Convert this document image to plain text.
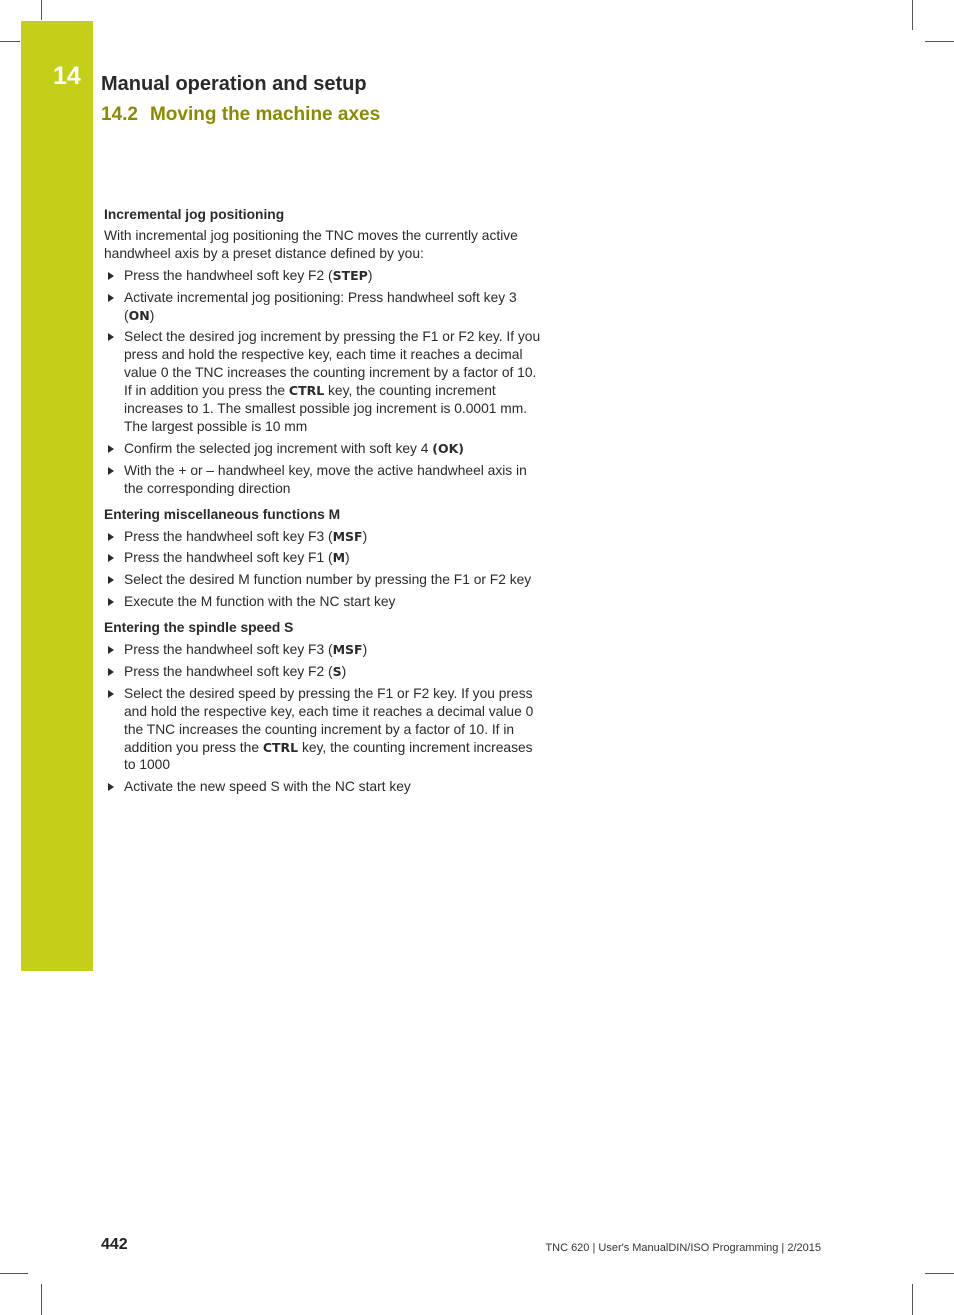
14 Manual operation and setup
14.2 Moving the machine axes
Incremental jog positioning

With incremental jog positioning the TNC moves the currently active handwheel axis by a preset distance defined by you:

Press the handwheel soft key F2 (STEP)
Activate incremental jog positioning: Press handwheel soft key 3 (ON)
Select the desired jog increment by pressing the F1 or F2 key. If you press and hold the respective key, each time it reaches a decimal value 0 the TNC increases the counting increment by a factor of 10. If in addition you press the CTRL key, the counting increment increases to 1. The smallest possible jog increment is 0.0001 mm. The largest possible is 10 mm
Confirm the selected jog increment with soft key 4 (OK)
With the + or – handwheel key, move the active handwheel axis in the corresponding direction
Entering miscellaneous functions M
Press the handwheel soft key F3 (MSF)
Press the handwheel soft key F1 (M)
Select the desired M function number by pressing the F1 or F2 key
Execute the M function with the NC start key
Entering the spindle speed S
Press the handwheel soft key F3 (MSF)
Press the handwheel soft key F2 (S)
Select the desired speed by pressing the F1 or F2 key. If you press and hold the respective key, each time it reaches a decimal value 0 the TNC increases the counting increment by a factor of 10. If in addition you press the CTRL key, the counting increment increases to 1000
Activate the new speed S with the NC start key
442	TNC 620 | User's ManualDIN/ISO Programming | 2/2015
